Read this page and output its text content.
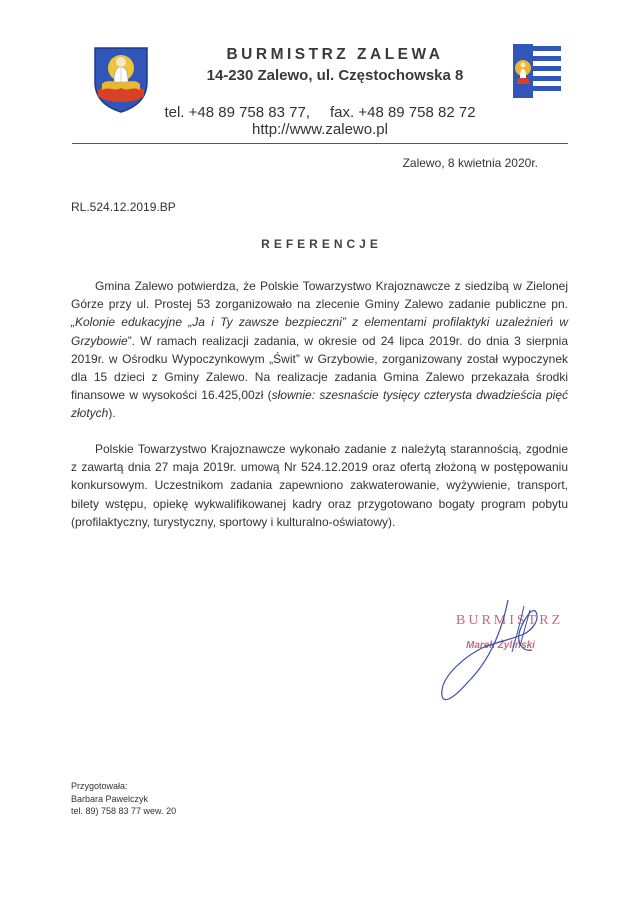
BURMISTRZ ZALEWA
14-230 Zalewo, ul. Częstochowska 8
tel. +48 89 758 83 77, fax. +48 89 758 82 72
http://www.zalewo.pl
Zalewo, 8 kwietnia 2020r.
RL.524.12.2019.BP
REFERENCJE
Gmina Zalewo potwierdza, że Polskie Towarzystwo Krajoznawcze z siedzibą w Zielonej Górze przy ul. Prostej 53 zorganizowało na zlecenie Gminy Zalewo zadanie publiczne pn. „Kolonie edukacyjne „Ja i Ty zawsze bezpieczni” z elementami profilaktyki uzależnień w Grzybowie”. W ramach realizacji zadania, w okresie od 24 lipca 2019r. do dnia 3 sierpnia 2019r. w Ośrodku Wypoczynkowym „Świt” w Grzybowie, zorganizowany został wypoczynek dla 15 dzieci z Gminy Zalewo. Na realizacje zadania Gmina Zalewo przekazała środki finansowe w wysokości 16.425,00zł (słownie: szesnaście tysięcy czterysta dwadzieścia pięć złotych).
Polskie Towarzystwo Krajoznawcze wykonało zadanie z należytą starannością, zgodnie z zawartą dnia 27 maja 2019r. umową Nr 524.12.2019 oraz ofertą złożoną w postępowaniu konkursowym. Uczestnikom zadania zapewniono zakwaterowanie, wyżywienie, transport, bilety wstępu, opiekę wykwalifikowanej kadry oraz przygotowano bogaty program pobytu (profilaktyczny, turystyczny, sportowy i kulturalno-oświatowy).
BURMISTRZ
Marek Żyliński
Przygotowała:
Barbara Pawelczyk
tel. 89) 758 83 77 wew. 20
